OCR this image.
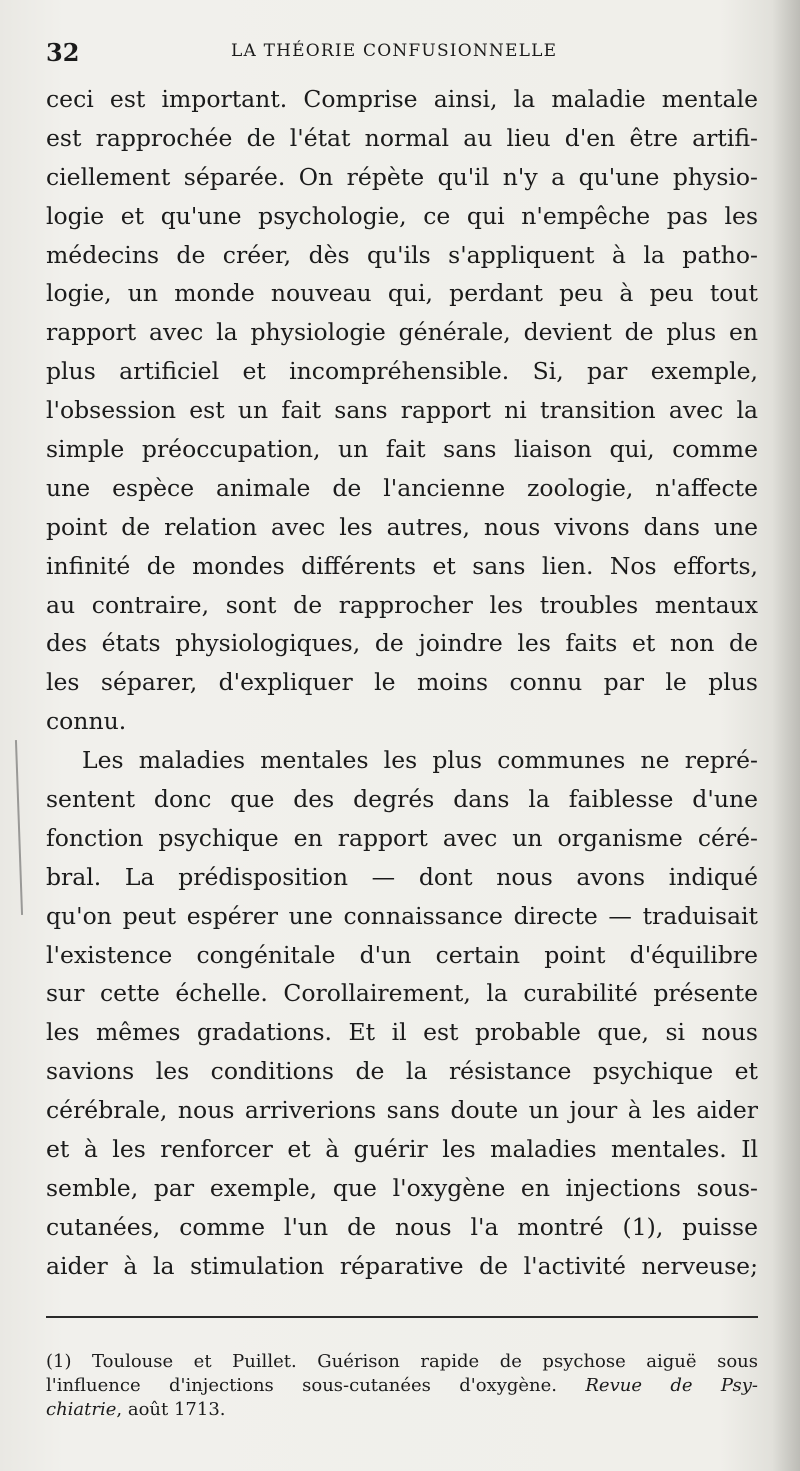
32	LA THÉORIE CONFUSIONNELLE
ceci est important. Comprise ainsi, la maladie mentale
est rapprochée de l'état normal au lieu d'en être artifi-
ciellement séparée. On répète qu'il n'y a qu'une physio-
logie et qu'une psychologie, ce qui n'empêche pas les
médecins de créer, dès qu'ils s'appliquent à la patho-
logie, un monde nouveau qui, perdant peu à peu tout
rapport avec la physiologie générale, devient de plus en
plus artificiel et incompréhensible. Si, par exemple,
l'obsession est un fait sans rapport ni transition avec la
simple préoccupation, un fait sans liaison qui, comme
une espèce animale de l'ancienne zoologie, n'affecte
point de relation avec les autres, nous vivons dans une
infinité de mondes différents et sans lien. Nos efforts,
au contraire, sont de rapprocher les troubles mentaux
des états physiologiques, de joindre les faits et non de
les séparer, d'expliquer le moins connu par le plus
connu.
Les maladies mentales les plus communes ne repré-
sentent donc que des degrés dans la faiblesse d'une
fonction psychique en rapport avec un organisme céré-
bral. La prédisposition — dont nous avons indiqué
qu'on peut espérer une connaissance directe — traduisait
l'existence congénitale d'un certain point d'équilibre
sur cette échelle. Corollairement, la curabilité présente
les mêmes gradations. Et il est probable que, si nous
savions les conditions de la résistance psychique et
cérébrale, nous arriverions sans doute un jour à les aider
et à les renforcer et à guérir les maladies mentales. Il
semble, par exemple, que l'oxygène en injections sous-
cutanées, comme l'un de nous l'a montré (1), puisse
aider à la stimulation réparative de l'activité nerveuse;
(1) Toulouse et Puillet. Guérison rapide de psychose aiguë sous
l'influence d'injections sous-cutanées d'oxygène. Revue de Psy-
chiatrie, août 1713.
